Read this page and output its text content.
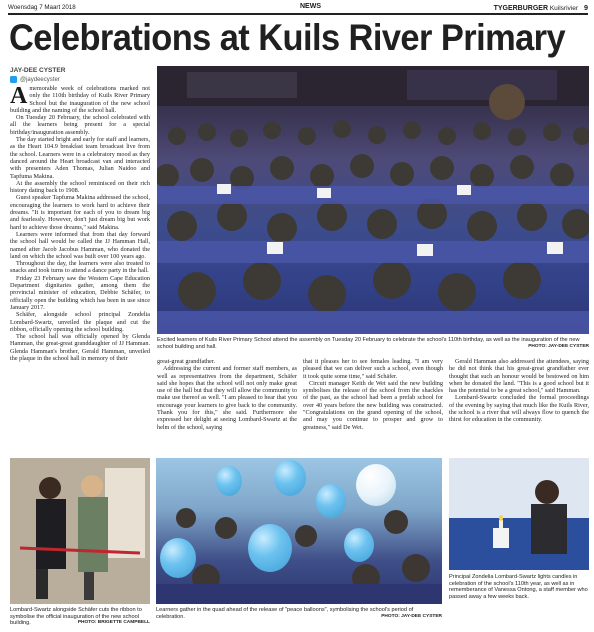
Woensdag 7 Maart 2018	NEWS	TYGERBURGER Kuilsrivier 9
Celebrations at Kuils River Primary
JAY-DEE CYSTER
@jaydeecyster

Amemorable week of celebrations marked not only the 110th birthday of Kuils River Primary School but the inauguration of the new school building and the naming of the school hall.

On Tuesday 20 February, the school celebrated with all the learners being present for a special birthday/inauguration assembly.

The day started bright and early for staff and learners, as the Heart 104.9 breakfast team broadcast live from the school. Learners were in a celebratory mood as they danced around the Heart broadcast van and interacted with presenters Aden Thomas, Julian Naidoo and Tapfuma Makina.

At the assembly the school reminisced on their rich history dating back to 1908.

Guest speaker Tapfuma Makina addressed the school, encouraging the learners to work hard to achieve their dreams. "It is important for each of you to dream big and fearlessly. However, don't just dream big but work hard to achieve those dreams," said Makina.

Learners were informed that from that day forward the school hall would be called the JJ Hamman Hall, named after Jacob Jacobus Hamman, who donated the land on which the school was built over 100 years ago.

Throughout the day, the learners were also treated to snacks and took turns to attend a dance party in the hall.

Friday 23 February saw the Western Cape Education Department dignitaries gather, among them the provincial minister of education, Debbie Schäfer, to officially open the building which has been in use since January 2017.

Schäfer, alongside school principal Zondelia Lombard-Swartz, unveiled the plaque and cut the ribbon, officially opening the school building.

The school hall was officially opened by Glenda Hamman, the great-great granddaughter of JJ Hamman. Glenda Hamman's brother, Gerald Hamman, unveiled the plaque in the school hall in memory of their

Excited learners of Kuils River Primary School attend the assembly on Tuesday 20 February to celebrate the school's 110th birthday, as well as the inauguration of the new school building and hall.	PHOTO: JAY-DEE CYSTER

great-great grandfather.

Addressing the current and former staff members, as well as representatives from the department, Schäfer said she hopes that the school will not only make great use of the hall but that they will allow the community to make use thereof as well. "I am pleased to hear that you encourage your learners to give back to the community. Thank you for this," she said. Furthermore she expressed her delight at seeing Lombard-Swartz at the helm of the school, saying

that it pleases her to see females leading. "I am very pleased that we can deliver such a school, even though it took quite some time," said Schäfer.

Circuit manager Keith de Wet said the new building symbolises the release of the school from the shackles of the past, as the school had been a prefab school for over 40 years before the new building was constructed. "Congratulations on the grand opening of the school, and may you continue to prosper and grow to greatness," said De Wet.

Gerald Hamman also addressed the attendees, saying he did not think that his great-great grandfather ever thought that such an honour would be bestowed on him when he donated the land. "This is a good school but it has the potential to be a great school," said Hamman.

Lombard-Swartz concluded the formal proceedings of the evening by saying that much like the Kuils River, the school is a river that will always flow to quench the thirst for education in the community.

Lombard-Swartz alongside Schäfer cuts the ribbon to symbolise the official inauguration of the new school building.	PHOTO: BRIGETTE CAMPBELL
Learners gather in the quad ahead of the release of "peace balloons", symbolising the school's period of celebration.	PHOTO: JAY-DEE CYSTER
Principal Zondelia Lombard-Swartz lights candles in celebration of the school's 110th year, as well as in rememberance of Vanessa Ontong, a staff member who passed away a few weeks back.
